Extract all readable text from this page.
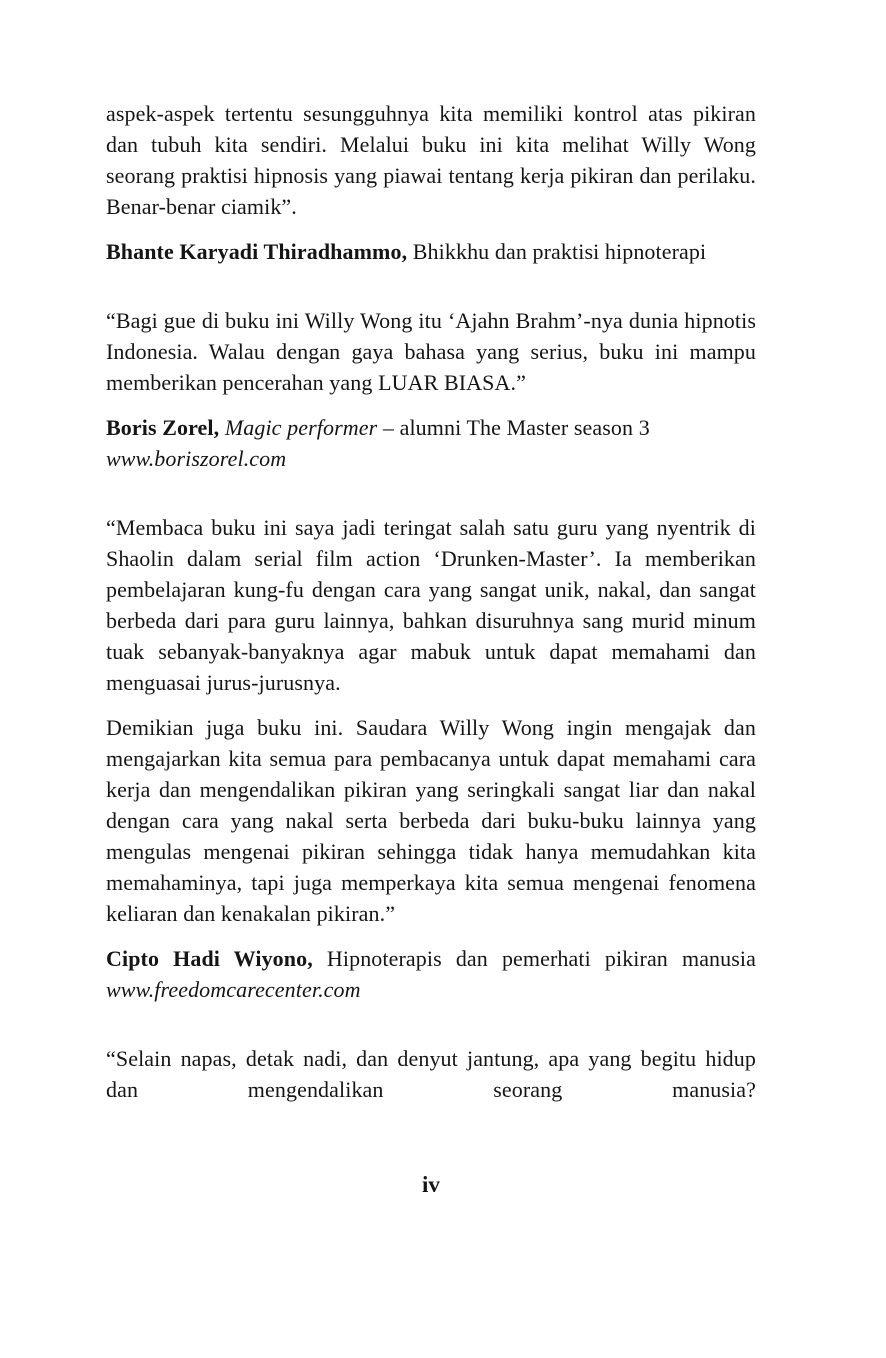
aspek-aspek tertentu sesungguhnya kita memiliki kontrol atas pikiran dan tubuh kita sendiri. Melalui buku ini kita melihat Willy Wong seorang praktisi hipnosis yang piawai tentang kerja pikiran dan perilaku. Benar-benar ciamik”.

Bhante Karyadi Thiradhammo, Bhikkhu dan praktisi hipnoterapi

“Bagi gue di buku ini Willy Wong itu ‘Ajahn Brahm’-nya dunia hipnotis Indonesia. Walau dengan gaya bahasa yang serius, buku ini mampu memberikan pencerahan yang LUAR BIASA.”

Boris Zorel, Magic performer – alumni The Master season 3
www.boriszorel.com

“Membaca buku ini saya jadi teringat salah satu guru yang nyentrik di Shaolin dalam serial film action ‘Drunken-Master’. Ia memberikan pembelajaran kung-fu dengan cara yang sangat unik, nakal, dan sangat berbeda dari para guru lainnya, bahkan disuruhnya sang murid minum tuak sebanyak-banyaknya agar mabuk untuk dapat memahami dan menguasai jurus-jurusnya.

Demikian juga buku ini. Saudara Willy Wong ingin mengajak dan mengajarkan kita semua para pembacanya untuk dapat memahami cara kerja dan mengendalikan pikiran yang seringkali sangat liar dan nakal dengan cara yang nakal serta berbeda dari buku-buku lainnya yang mengulas mengenai pikiran sehingga tidak hanya memudahkan kita memahaminya, tapi juga memperkaya kita semua mengenai fenomena keliaran dan kenakalan pikiran.”

Cipto Hadi Wiyono, Hipnoterapis dan pemerhati pikiran manusia www.freedomcarecenter.com

“Selain napas, detak nadi, dan denyut jantung, apa yang begitu hidup dan mengendalikan seorang manusia?

iv
